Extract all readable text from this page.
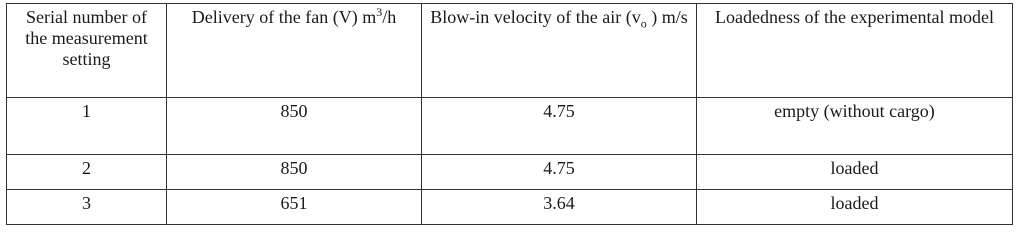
Serial number of the measurement setting	Delivery of the fan (V) $m^3/h$	Blow-in velocity of the air ($v_o$ ) m/s	Loadedness of the experimental model
1	850	4.75	empty (without cargo)
2	850	4.75	loaded
3	651	3.64	loaded
